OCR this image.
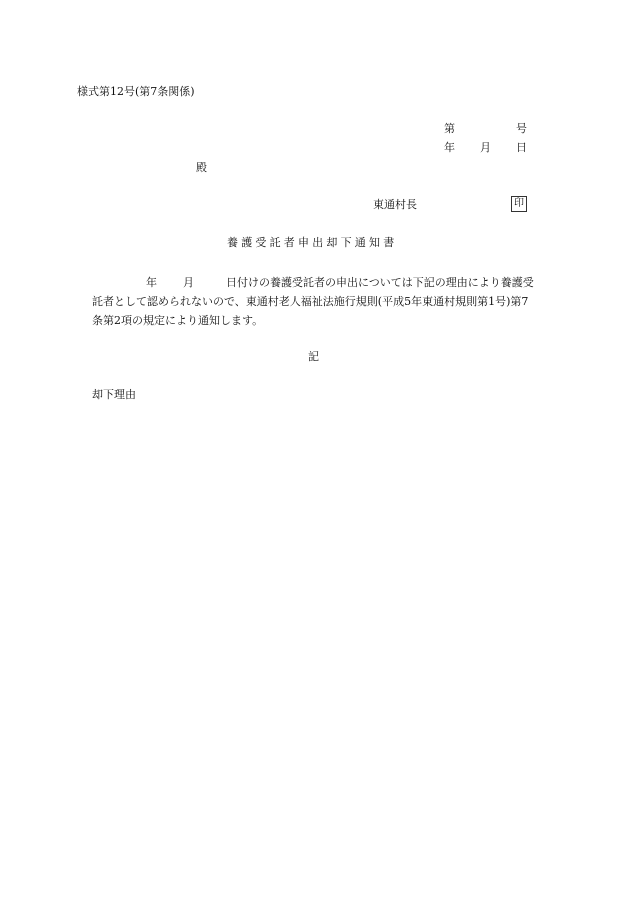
様式第12号(第7条関係)
第	号
年 月 日
殿
東通村長	印
養護受託者申出却下通知書
年 月	日付けの養護受託者の申出については下記の理由により養護受
託者として認められないので、東通村老人福祉法施行規則(平成5年東通村規則第1号)第7
条第2項の規定により通知します。
記
却下理由
